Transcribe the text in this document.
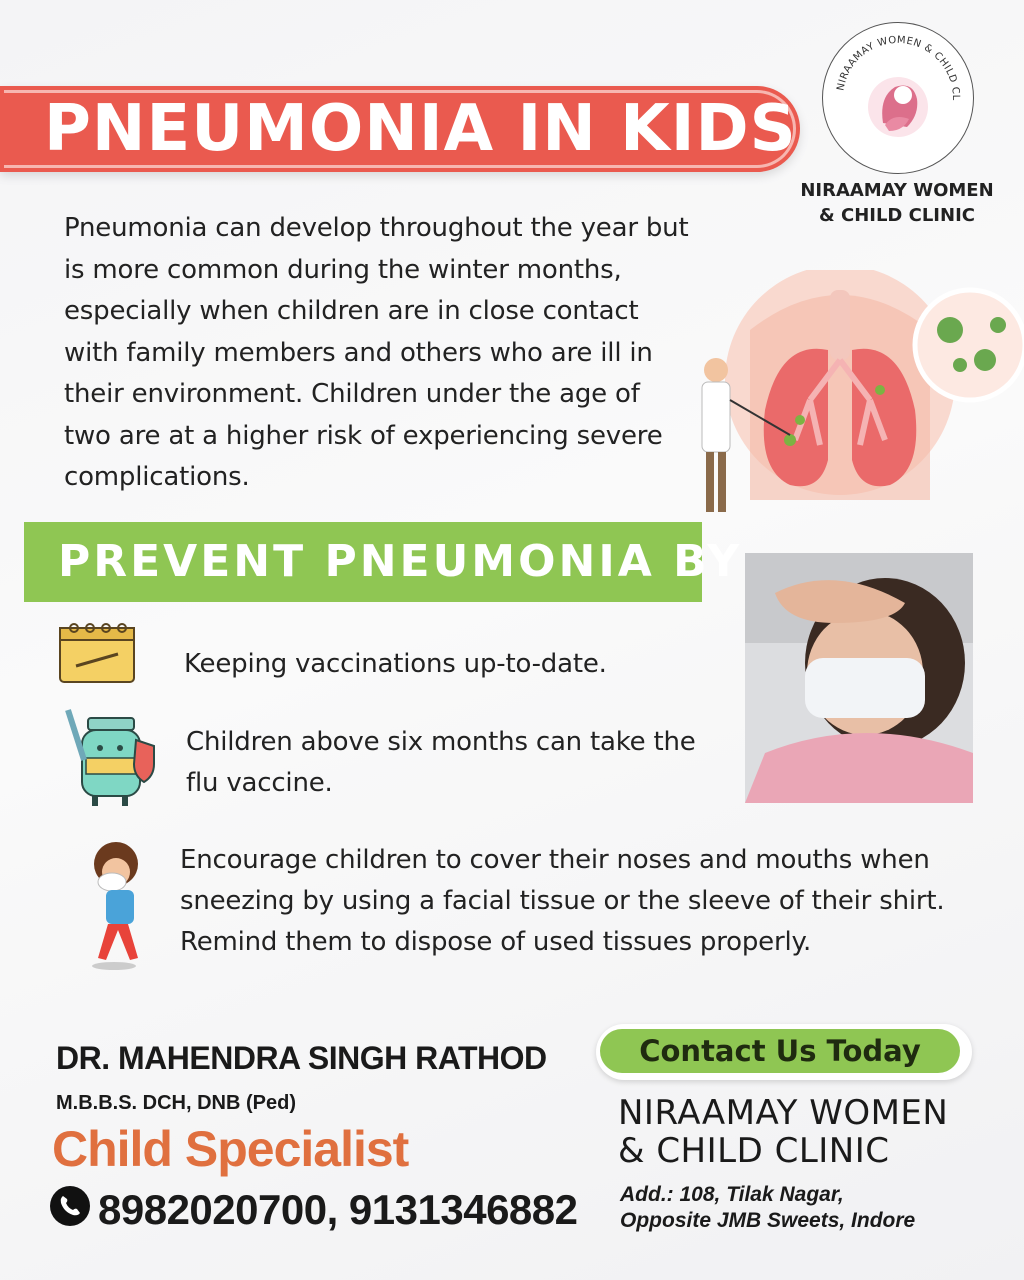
PNEUMONIA IN KIDS
NIRAAMAY WOMEN & CHILD CL
NIRAAMAY WOMEN
& CHILD CLINIC
Pneumonia can develop throughout the year but is more common during the winter months, especially when children are in close contact with family members and others who are ill in their environment. Children under the age of two are at a higher risk of experiencing severe complications.
PREVENT PNEUMONIA BY
Keeping vaccinations up-to-date.
Children above six months can take the flu vaccine.
Encourage children to cover their noses and mouths when sneezing by using a facial tissue or the sleeve of their shirt. Remind them to dispose of used tissues properly.
DR. MAHENDRA SINGH RATHOD
M.B.B.S. DCH, DNB (Ped)
Child Specialist
8982020700, 9131346882
Contact Us Today
NIRAAMAY WOMEN
& CHILD CLINIC
Add.: 108, Tilak Nagar,
Opposite JMB Sweets, Indore
